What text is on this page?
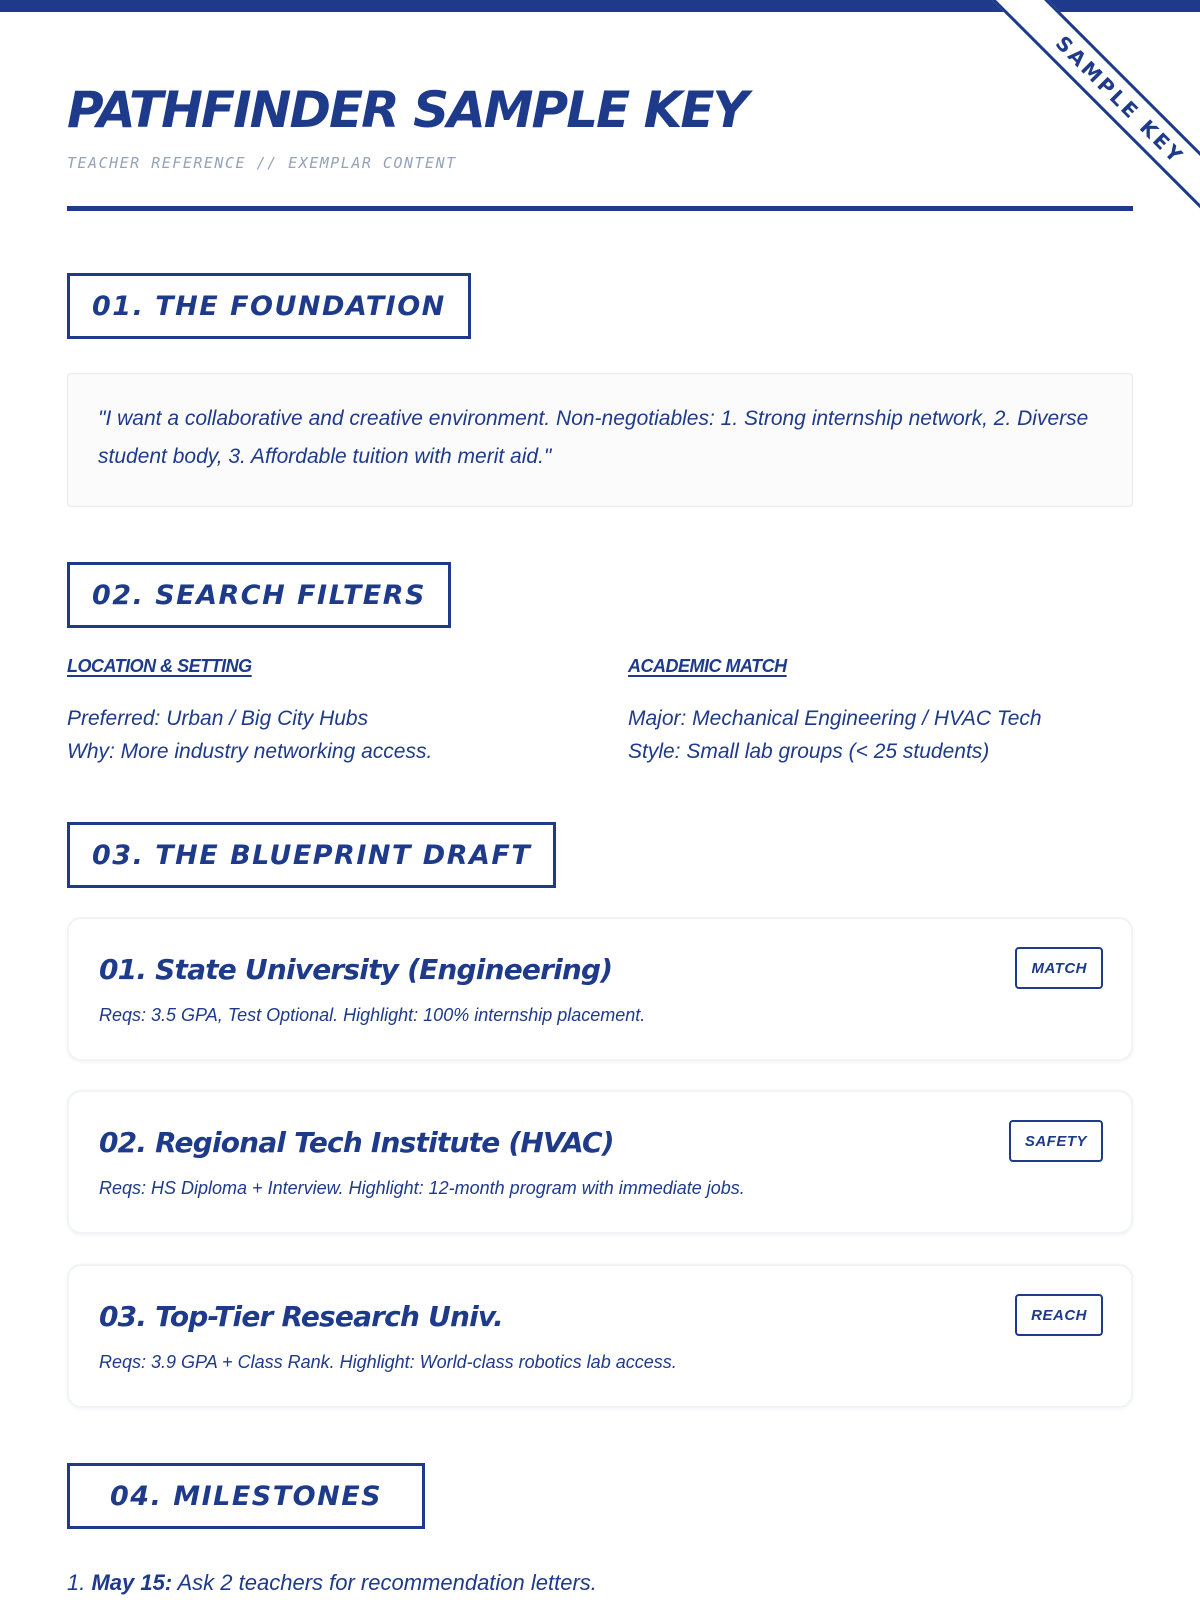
SAMPLE KEY
PATHFINDER SAMPLE KEY
TEACHER REFERENCE // EXEMPLAR CONTENT
01. THE FOUNDATION
"I want a collaborative and creative environment. Non-negotiables: 1. Strong internship network, 2. Diverse student body, 3. Affordable tuition with merit aid."
02. SEARCH FILTERS
LOCATION & SETTING
Preferred: Urban / Big City Hubs
Why: More industry networking access.
ACADEMIC MATCH
Major: Mechanical Engineering / HVAC Tech
Style: Small lab groups (< 25 students)
03. THE BLUEPRINT DRAFT
01. State University (Engineering)
Reqs: 3.5 GPA, Test Optional. Highlight: 100% internship placement.
MATCH
02. Regional Tech Institute (HVAC)
Reqs: HS Diploma + Interview. Highlight: 12-month program with immediate jobs.
SAFETY
03. Top-Tier Research Univ.
Reqs: 3.9 GPA + Class Rank. Highlight: World-class robotics lab access.
REACH
04. MILESTONES
1. May 15: Ask 2 teachers for recommendation letters.
